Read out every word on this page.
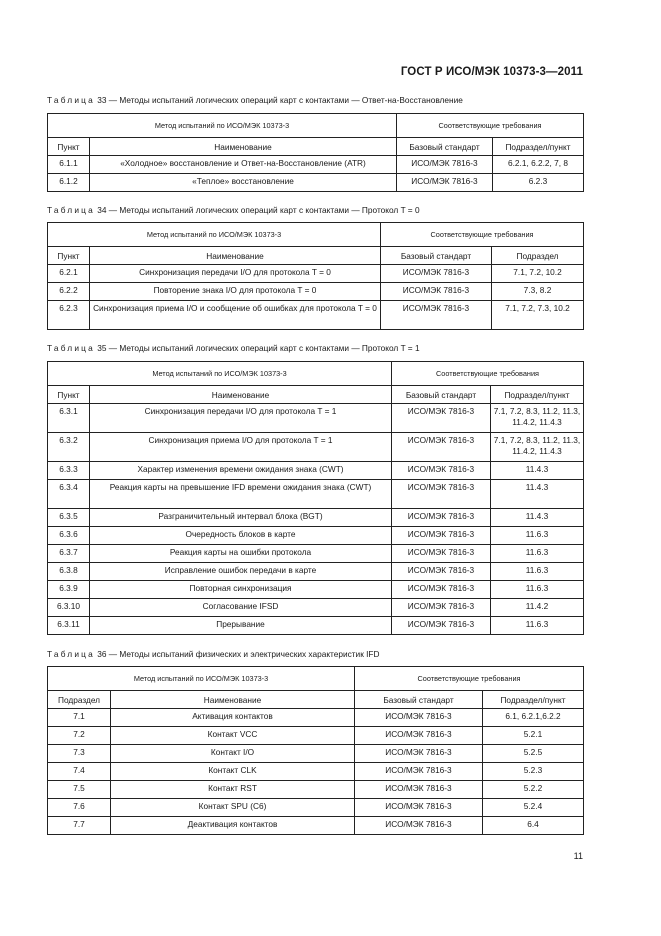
ГОСТ Р ИСО/МЭК 10373-3—2011
Таблица 33 — Методы испытаний логических операций карт с контактами — Ответ-на-Восстановление
Метод испытаний по ИСО/МЭК 10373-3		Соответствующие требования	
Пункт	Наименование	Базовый стандарт	Подраздел/пункт
6.1.1	«Холодное» восстановление и Ответ-на-Восстановление (ATR)	ИСО/МЭК 7816-3	6.2.1, 6.2.2, 7, 8
6.1.2	«Теплое» восстановление	ИСО/МЭК 7816-3	6.2.3
Таблица 34 — Методы испытаний логических операций карт с контактами — Протокол T = 0
Метод испытаний по ИСО/МЭК 10373-3		Соответствующие требования	
Пункт	Наименование	Базовый стандарт	Подраздел
6.2.1	Синхронизация передачи I/O для протокола T = 0	ИСО/МЭК 7816-3	7.1, 7.2, 10.2
6.2.2	Повторение знака I/O для протокола T = 0	ИСО/МЭК 7816-3	7.3, 8.2
6.2.3	Синхронизация приема I/O и сообщение об ошибках для протокола T = 0	ИСО/МЭК 7816-3	7.1, 7.2, 7.3, 10.2
Таблица 35 — Методы испытаний логических операций карт с контактами — Протокол T = 1
Метод испытаний по ИСО/МЭК 10373-3		Соответствующие требования	
Пункт	Наименование	Базовый стандарт	Подраздел/пункт
6.3.1	Синхронизация передачи I/O для протокола T = 1	ИСО/МЭК 7816-3	7.1, 7.2, 8.3, 11.2, 11.3, 11.4.2, 11.4.3
6.3.2	Синхронизация приема I/O для протокола T = 1	ИСО/МЭК 7816-3	7.1, 7.2, 8.3, 11.2, 11.3, 11.4.2, 11.4.3
6.3.3	Характер изменения времени ожидания знака (CWT)	ИСО/МЭК 7816-3	11.4.3
6.3.4	Реакция карты на превышение IFD времени ожидания знака (CWT)	ИСО/МЭК 7816-3	11.4.3
6.3.5	Разграничительный интервал блока (BGT)	ИСО/МЭК 7816-3	11.4.3
6.3.6	Очередность блоков в карте	ИСО/МЭК 7816-3	11.6.3
6.3.7	Реакция карты на ошибки протокола	ИСО/МЭК 7816-3	11.6.3
6.3.8	Исправление ошибок передачи в карте	ИСО/МЭК 7816-3	11.6.3
6.3.9	Повторная синхронизация	ИСО/МЭК 7816-3	11.6.3
6.3.10	Согласование IFSD	ИСО/МЭК 7816-3	11.4.2
6.3.11	Прерывание	ИСО/МЭК 7816-3	11.6.3
Таблица 36 — Методы испытаний физических и электрических характеристик IFD
Метод испытаний по ИСО/МЭК 10373-3		Соответствующие требования	
Подраздел	Наименование	Базовый стандарт	Подраздел/пункт
7.1	Активация контактов	ИСО/МЭК 7816-3	6.1, 6.2.1,6.2.2
7.2	Контакт VCC	ИСО/МЭК 7816-3	5.2.1
7.3	Контакт I/O	ИСО/МЭК 7816-3	5.2.5
7.4	Контакт CLK	ИСО/МЭК 7816-3	5.2.3
7.5	Контакт RST	ИСО/МЭК 7816-3	5.2.2
7.6	Контакт SPU (C6)	ИСО/МЭК 7816-3	5.2.4
7.7	Деактивация контактов	ИСО/МЭК 7816-3	6.4
11
